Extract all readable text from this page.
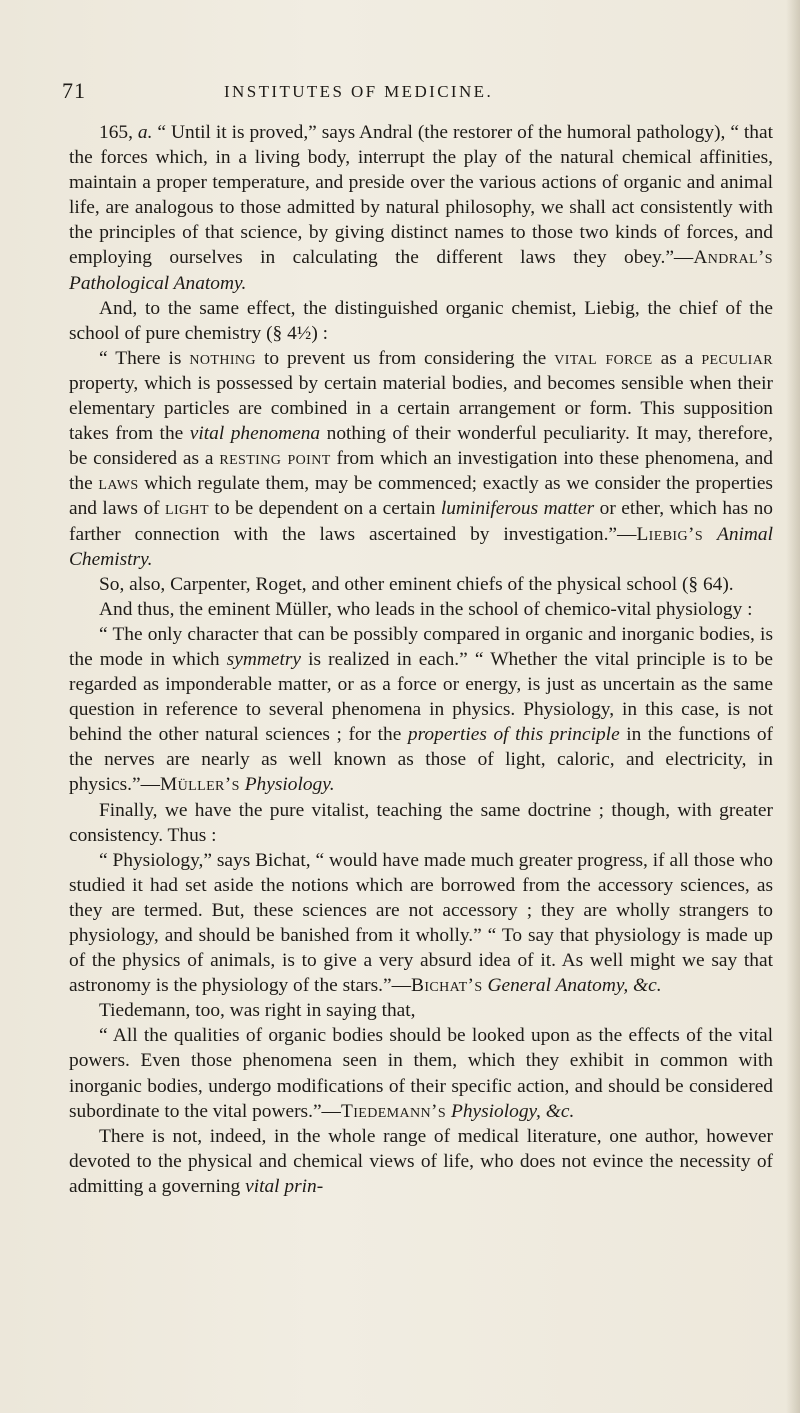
71	INSTITUTES OF MEDICINE.

165, a. “ Until it is proved,” says Andral (the restorer of the humoral pathology), “ that the forces which, in a living body, interrupt the play of the natural chemical affinities, maintain a proper temperature, and preside over the various actions of organic and animal life, are analogous to those admitted by natural philosophy, we shall act consistently with the principles of that science, by giving distinct names to those two kinds of forces, and employing ourselves in calculating the different laws they obey.”—Andral’s Pathological Anatomy.

And, to the same effect, the distinguished organic chemist, Liebig, the chief of the school of pure chemistry (§ 4½) :

“ There is nothing to prevent us from considering the vital force as a peculiar property, which is possessed by certain material bodies, and becomes sensible when their elementary particles are combined in a certain arrangement or form. This supposition takes from the vital phenomena nothing of their wonderful peculiarity. It may, therefore, be considered as a resting point from which an investigation into these phenomena, and the laws which regulate them, may be commenced; exactly as we consider the properties and laws of light to be dependent on a certain luminiferous matter or ether, which has no farther connection with the laws ascertained by investigation.”—Liebig’s Animal Chemistry.

So, also, Carpenter, Roget, and other eminent chiefs of the physical school (§ 64).

And thus, the eminent Müller, who leads in the school of chemico-vital physiology :

“ The only character that can be possibly compared in organic and inorganic bodies, is the mode in which symmetry is realized in each.” “ Whether the vital principle is to be regarded as imponderable matter, or as a force or energy, is just as uncertain as the same question in reference to several phenomena in physics. Physiology, in this case, is not behind the other natural sciences ; for the properties of this principle in the functions of the nerves are nearly as well known as those of light, caloric, and electricity, in physics.”—Müller’s Physiology.

Finally, we have the pure vitalist, teaching the same doctrine ; though, with greater consistency. Thus :

“ Physiology,” says Bichat, “ would have made much greater progress, if all those who studied it had set aside the notions which are borrowed from the accessory sciences, as they are termed. But, these sciences are not accessory ; they are wholly strangers to physiology, and should be banished from it wholly.” “ To say that physiology is made up of the physics of animals, is to give a very absurd idea of it. As well might we say that astronomy is the physiology of the stars.”—Bichat’s General Anatomy, &c.

Tiedemann, too, was right in saying that,

“ All the qualities of organic bodies should be looked upon as the effects of the vital powers. Even those phenomena seen in them, which they exhibit in common with inorganic bodies, undergo modifications of their specific action, and should be considered subordinate to the vital powers.”—Tiedemann’s Physiology, &c.

There is not, indeed, in the whole range of medical literature, one author, however devoted to the physical and chemical views of life, who does not evince the necessity of admitting a governing vital prin-
